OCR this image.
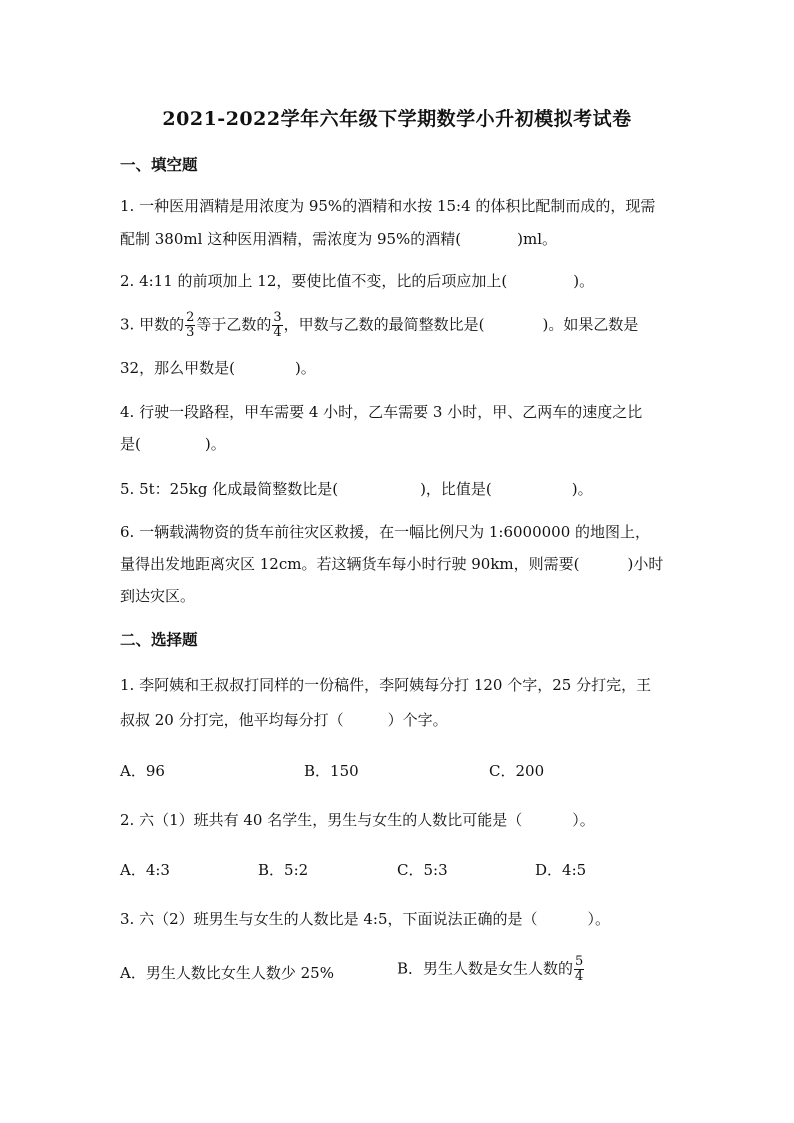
2021-2022学年六年级下学期数学小升初模拟考试卷
一、填空题
1. 一种医用酒精是用浓度为 95%的酒精和水按 15:4 的体积比配制而成的，现需
配制 380ml 这种医用酒精，需浓度为 95%的酒精(	)ml。
2. 4:11 的前项加上 12，要使比值不变，比的后项应加上(	)。
3. 甲数的 $\frac{2}{3}$ 等于乙数的 $\frac{3}{4}$ ，甲数与乙数的最简整数比是(	)。如果乙数是
32，那么甲数是(	)。
4. 行驶一段路程，甲车需要 4 小时，乙车需要 3 小时，甲、乙两车的速度之比
是(	)。
5. 5t：25kg 化成最简整数比是(	)，比值是(	)。
6. 一辆载满物资的货车前往灾区救援，在一幅比例尺为 1:6000000 的地图上，
量得出发地距离灾区 12cm。若这辆货车每小时行驶 90km，则需要(	)小时
到达灾区。
二、选择题
1. 李阿姨和王叔叔打同样的一份稿件，李阿姨每分打 120 个字，25 分打完，王
叔叔 20 分打完，他平均每分打（	）个字。
A．96	B．150	C．200
2. 六（1）班共有 40 名学生，男生与女生的人数比可能是（	）。
A．4:3	B．5:2	C．5:3	D．4:5
3. 六（2）班男生与女生的人数比是 4:5，下面说法正确的是（	）。
A．男生人数比女生人数少 25%	B．男生人数是女生人数的 $\frac{5}{4}$
